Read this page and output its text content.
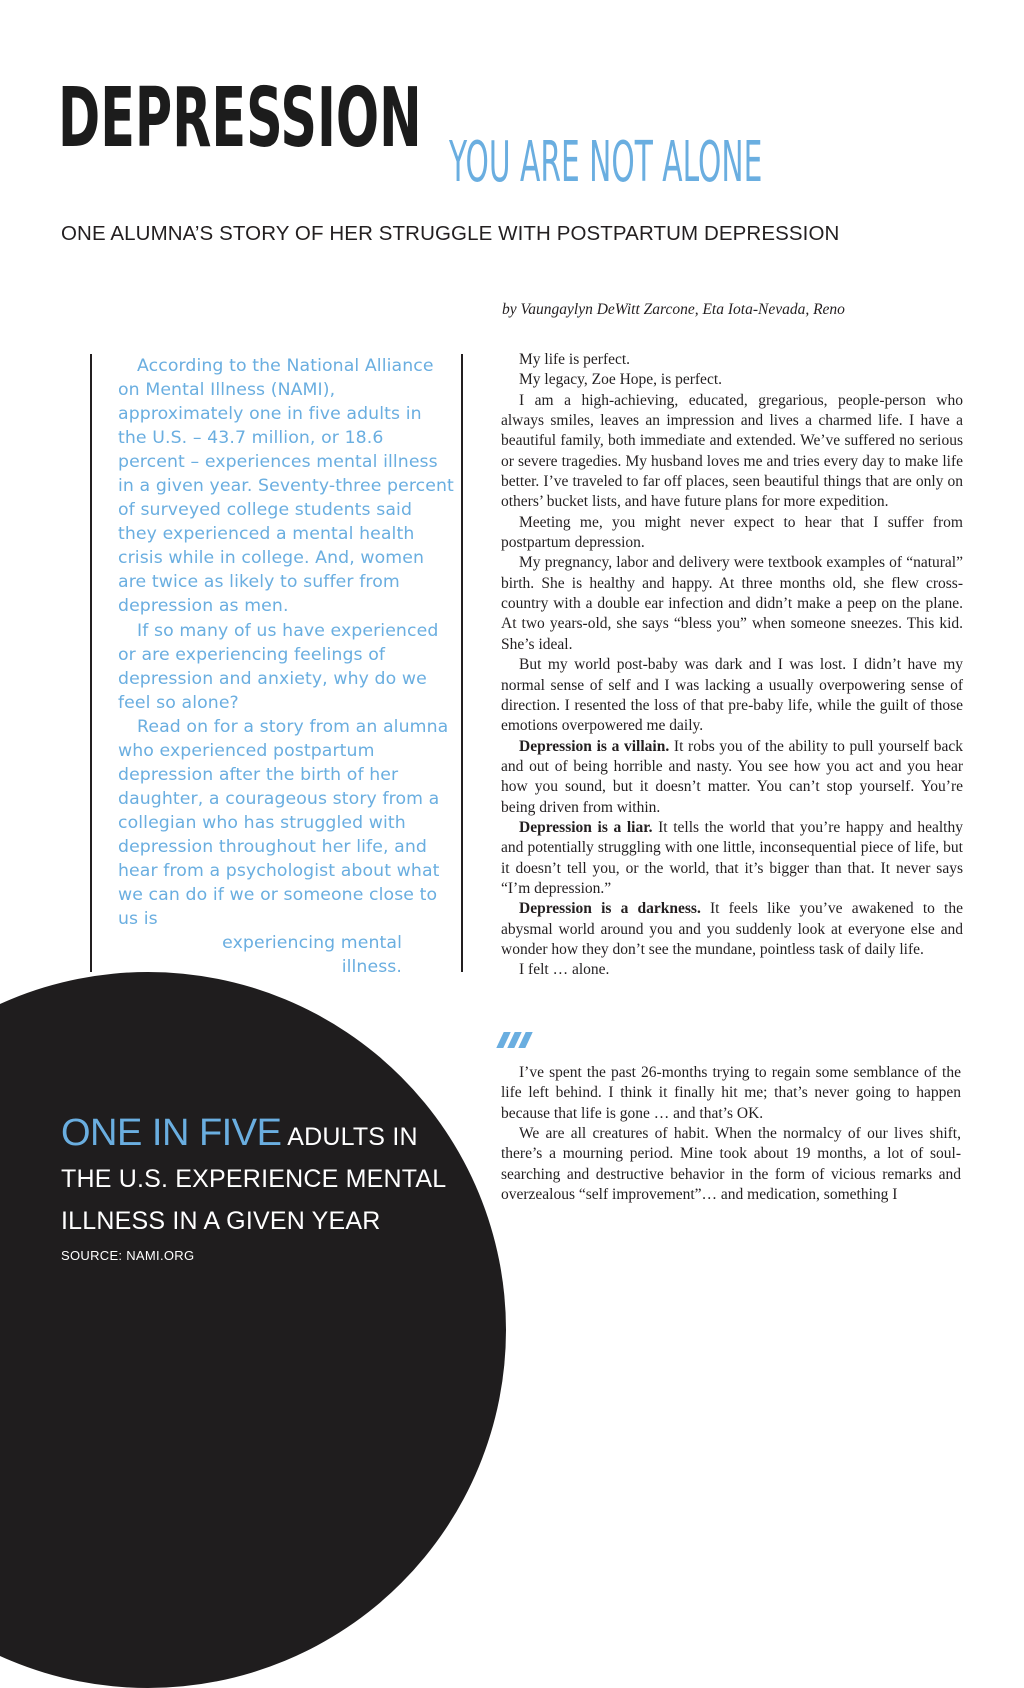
DEPRESSION YOU ARE NOT ALONE
ONE ALUMNA’S STORY OF HER STRUGGLE WITH POSTPARTUM DEPRESSION
by Vaungaylyn DeWitt Zarcone, Eta Iota-Nevada, Reno

According to the National Alliance on Mental Illness (NAMI), approximately one in five adults in the U.S. – 43.7 million, or 18.6 percent – experiences mental illness in a given year. Seventy-three percent of surveyed college students said they experienced a mental health crisis while in college. And, women are twice as likely to suffer from depression as men.

If so many of us have experienced or are experiencing feelings of depression and anxiety, why do we feel so alone?

Read on for a story from an alumna who experienced postpartum depression after the birth of her daughter, a courageous story from a collegian who has struggled with depression throughout her life, and hear from a psychologist about what we can do if we or someone close to us is

experiencing mental
illness.

My life is perfect.

My legacy, Zoe Hope, is perfect.

I am a high-achieving, educated, gregarious, people-person who always smiles, leaves an impression and lives a charmed life. I have a beautiful family, both immediate and extended. We’ve suffered no serious or severe tragedies. My husband loves me and tries every day to make life better. I’ve traveled to far off places, seen beautiful things that are only on others’ bucket lists, and have future plans for more expedition.

Meeting me, you might never expect to hear that I suffer from postpartum depression.

My pregnancy, labor and delivery were textbook examples of “natural” birth. She is healthy and happy. At three months old, she flew cross-country with a double ear infection and didn’t make a peep on the plane. At two years-old, she says “bless you” when someone sneezes. This kid. She’s ideal.

But my world post-baby was dark and I was lost. I didn’t have my normal sense of self and I was lacking a usually overpowering sense of direction. I resented the loss of that pre-baby life, while the guilt of those emotions overpowered me daily.

Depression is a villain. It robs you of the ability to pull yourself back and out of being horrible and nasty. You see how you act and you hear how you sound, but it doesn’t matter. You can’t stop yourself. You’re being driven from within.

Depression is a liar. It tells the world that you’re happy and healthy and potentially struggling with one little, inconsequential piece of life, but it doesn’t tell you, or the world, that it’s bigger than that. It never says “I’m depression.”

Depression is a darkness. It feels like you’ve awakened to the abysmal world around you and you suddenly look at everyone else and wonder how they don’t see the mundane, pointless task of daily life.

I felt … alone.

I’ve spent the past 26-months trying to regain some semblance of the life left behind. I think it finally hit me; that’s never going to happen because that life is gone … and that’s OK.

We are all creatures of habit. When the normalcy of our lives shift, there’s a mourning period. Mine took about 19 months, a lot of soul-searching and destructive behavior in the form of vicious remarks and overzealous “self improvement”… and medication, something I

ONE IN FIVE ADULTS IN
THE U.S. EXPERIENCE MENTAL
ILLNESS IN A GIVEN YEAR
SOURCE: NAMI.ORG
